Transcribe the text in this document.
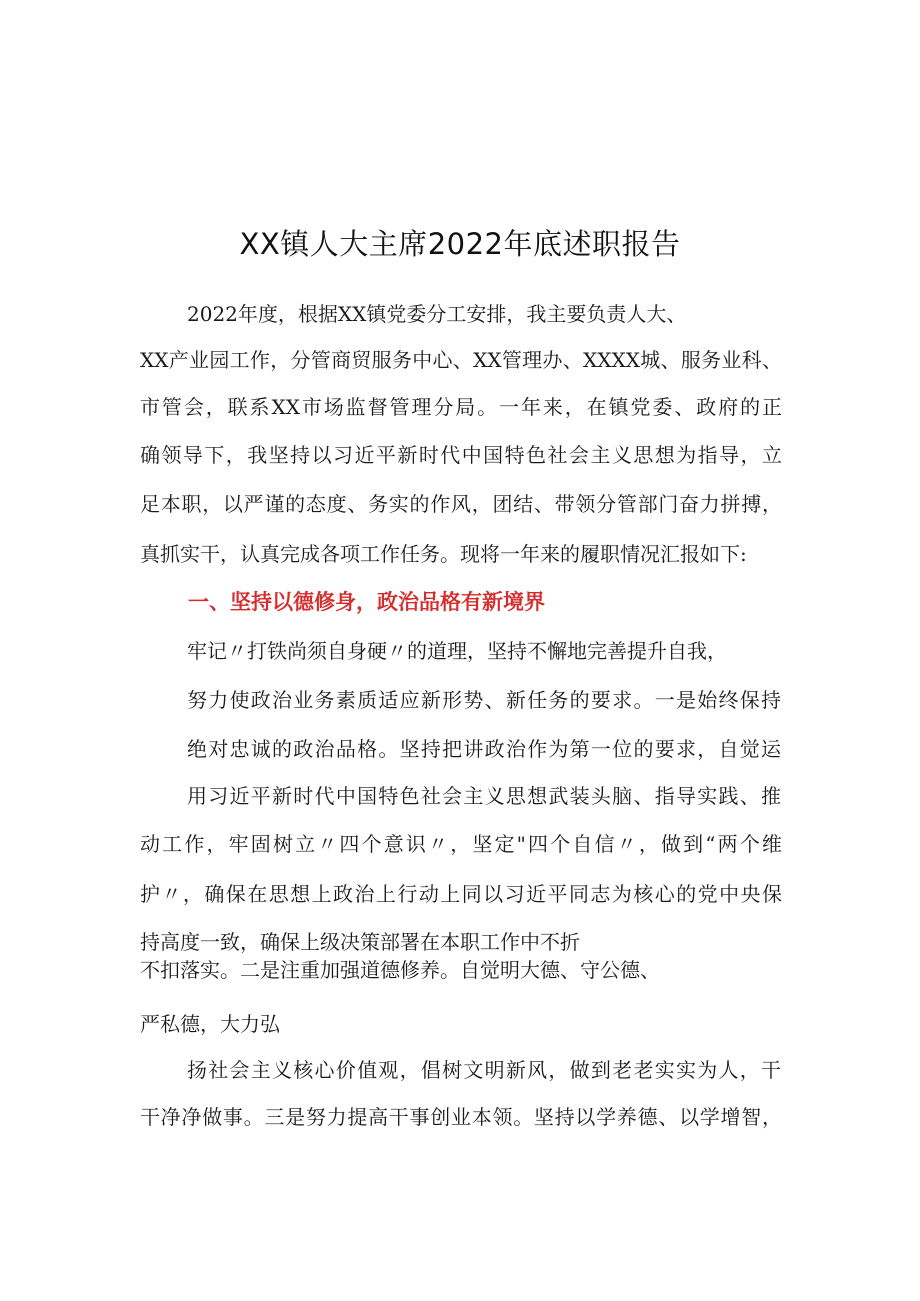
XX镇人大主席2022年底述职报告
2022年度，根据XX镇党委分工安排，我主要负责人大、
XX产业园工作，分管商贸服务中心、XX管理办、XXXX城、服务业科、
市管会，联系XX市场监督管理分局。一年来，在镇党委、政府的正
确领导下，我坚持以习近平新时代中国特色社会主义思想为指导，立
足本职，以严谨的态度、务实的作风，团结、带领分管部门奋力拼搏，
真抓实干，认真完成各项工作任务。现将一年来的履职情况汇报如下:
一、坚持以德修身，政治品格有新境界
牢记〃打铁尚须自身硬〃的道理，坚持不懈地完善提升自我，
努力使政治业务素质适应新形势、新任务的要求。一是始终保持
绝对忠诚的政治品格。坚持把讲政治作为第一位的要求，自觉运
用习近平新时代中国特色社会主义思想武装头脑、指导实践、推
动工作，牢固树立〃四个意识〃，坚定"四个自信〃，做到“两个维
护〃，确保在思想上政治上行动上同以习近平同志为核心的党中央保
持高度一致，确保上级决策部署在本职工作中不折
不扣落实。二是注重加强道德修养。自觉明大德、守公德、
严私德，大力弘
扬社会主义核心价值观，倡树文明新风，做到老老实实为人，干
干净净做事。三是努力提高干事创业本领。坚持以学养德、以学增智，
